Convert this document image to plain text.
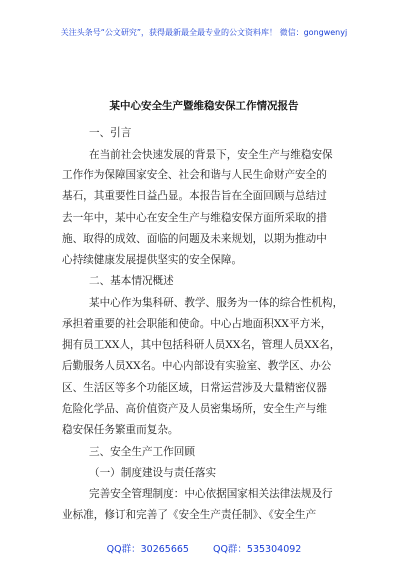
关注头条号“公文研究”，获得最新最全最专业的公文资料库！ 微信：gongwenyj
某中心安全生产暨维稳安保工作情况报告
一、引言
在当前社会快速发展的背景下，安全生产与维稳安保
工作作为保障国家安全、社会和谐与人民生命财产安全的
基石，其重要性日益凸显。本报告旨在全面回顾与总结过
去一年中，某中心在安全生产与维稳安保方面所采取的措
施、取得的成效、面临的问题及未来规划，以期为推动中
心持续健康发展提供坚实的安全保障。
二、基本情况概述
某中心作为集科研、教学、服务为一体的综合性机构，
承担着重要的社会职能和使命。中心占地面积XX平方米，
拥有员工XX人，其中包括科研人员XX名，管理人员XX名，
后勤服务人员XX名。中心内部设有实验室、教学区、办公
区、生活区等多个功能区域，日常运营涉及大量精密仪器
危险化学品、高价值资产及人员密集场所，安全生产与维
稳安保任务繁重而复杂。
三、安全生产工作回顾
（一）制度建设与责任落实
完善安全管理制度：中心依据国家相关法律法规及行
业标准，修订和完善了《安全生产责任制》、《安全生产
QQ群：30265665	QQ群：535304092
